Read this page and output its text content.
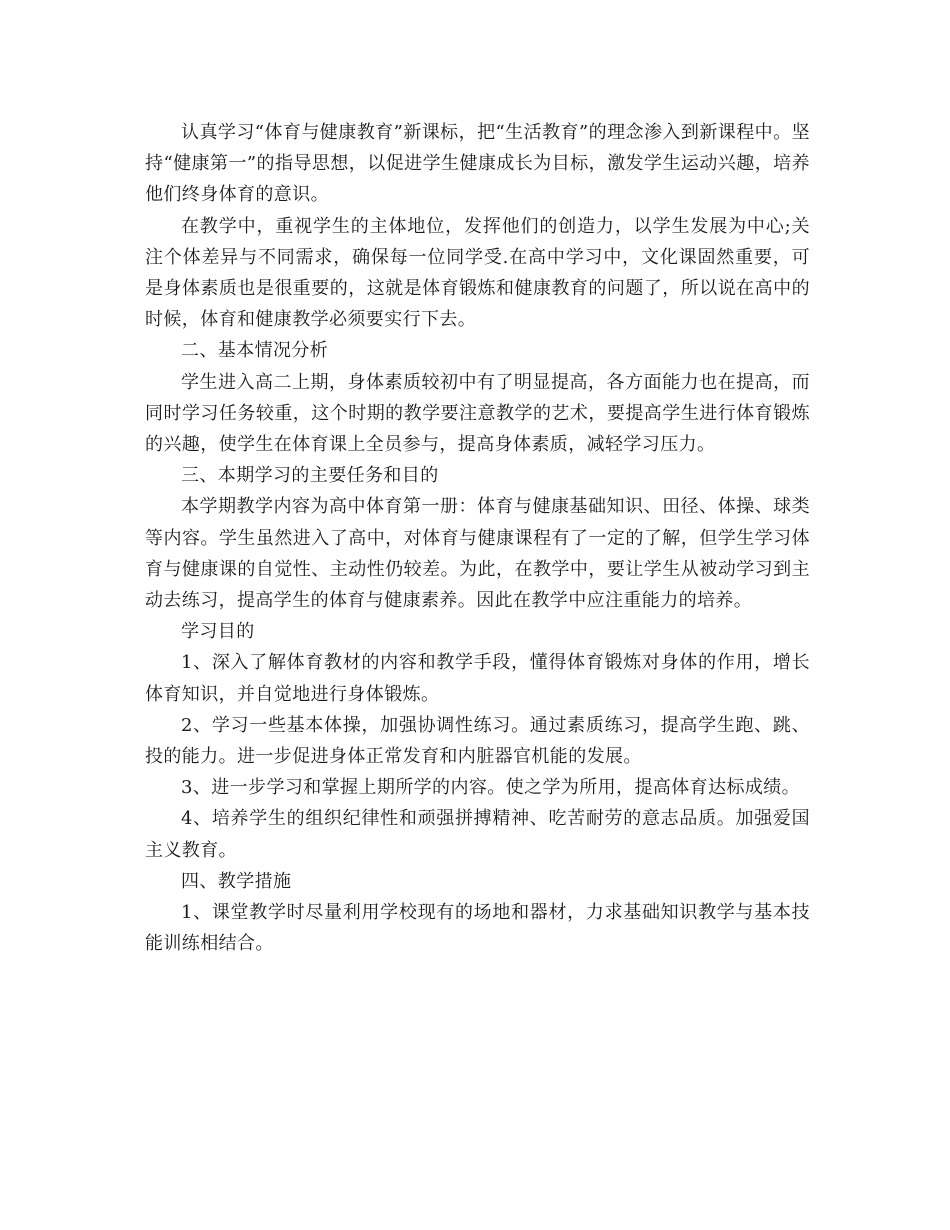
认真学习“体育与健康教育”新课标，把“生活教育”的理念渗入到新课程中。坚持“健康第一”的指导思想，以促进学生健康成长为目标，激发学生运动兴趣，培养他们终身体育的意识。

在教学中，重视学生的主体地位，发挥他们的创造力，以学生发展为中心;关注个体差异与不同需求，确保每一位同学受.在高中学习中，文化课固然重要，可是身体素质也是很重要的，这就是体育锻炼和健康教育的问题了，所以说在高中的时候，体育和健康教学必须要实行下去。

二、基本情况分析

学生进入高二上期，身体素质较初中有了明显提高，各方面能力也在提高，而同时学习任务较重，这个时期的教学要注意教学的艺术，要提高学生进行体育锻炼的兴趣，使学生在体育课上全员参与，提高身体素质，减轻学习压力。

三、本期学习的主要任务和目的

本学期教学内容为高中体育第一册：体育与健康基础知识、田径、体操、球类等内容。学生虽然进入了高中，对体育与健康课程有了一定的了解，但学生学习体育与健康课的自觉性、主动性仍较差。为此，在教学中，要让学生从被动学习到主动去练习，提高学生的体育与健康素养。因此在教学中应注重能力的培养。

学习目的

1、深入了解体育教材的内容和教学手段，懂得体育锻炼对身体的作用，增长体育知识，并自觉地进行身体锻炼。

2、学习一些基本体操，加强协调性练习。通过素质练习，提高学生跑、跳、投的能力。进一步促进身体正常发育和内脏器官机能的发展。

3、进一步学习和掌握上期所学的内容。使之学为所用，提高体育达标成绩。

4、培养学生的组织纪律性和顽强拼搏精神、吃苦耐劳的意志品质。加强爱国主义教育。

四、教学措施

1、课堂教学时尽量利用学校现有的场地和器材，力求基础知识教学与基本技能训练相结合。
